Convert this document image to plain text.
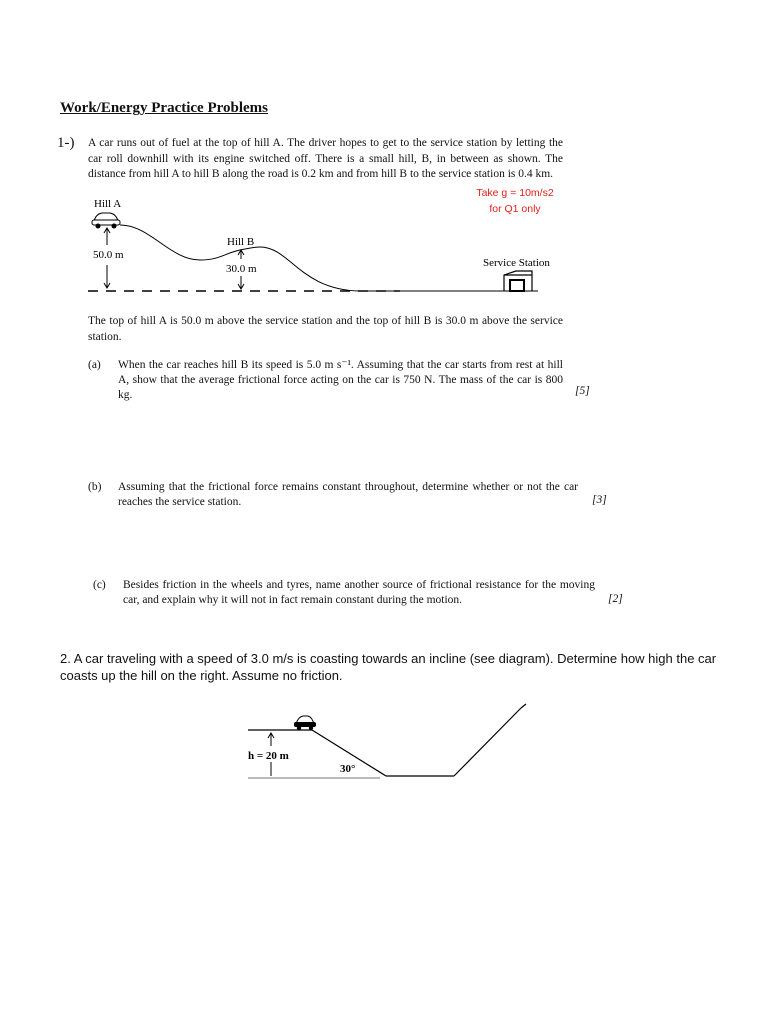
Work/Energy Practice Problems
1-) A car runs out of fuel at the top of hill A. The driver hopes to get to the service station by letting the car roll downhill with its engine switched off. There is a small hill, B, in between as shown. The distance from hill A to hill B along the road is 0.2 km and from hill B to the service station is 0.4 km.
Take g = 10m/s2
for Q1 only
Hill A
50.0 m
Hill B
30.0 m	Service Station
The top of hill A is 50.0 m above the service station and the top of hill B is 30.0 m above the service station.
(a)	When the car reaches hill B its speed is 5.0 m s⁻¹. Assuming that the car starts from rest at hill A, show that the average frictional force acting on the car is 750 N. The mass of the car is 800 kg.	[5]
(b)	Assuming that the frictional force remains constant throughout, determine whether or not the car reaches the service station.	[3]
(c)	Besides friction in the wheels and tyres, name another source of frictional resistance for the moving car, and explain why it will not in fact remain constant during the motion.	[2]
2. A car traveling with a speed of 3.0 m/s is coasting towards an incline (see diagram). Determine how high the car coasts up the hill on the right. Assume no friction.
h = 20 m
30°
